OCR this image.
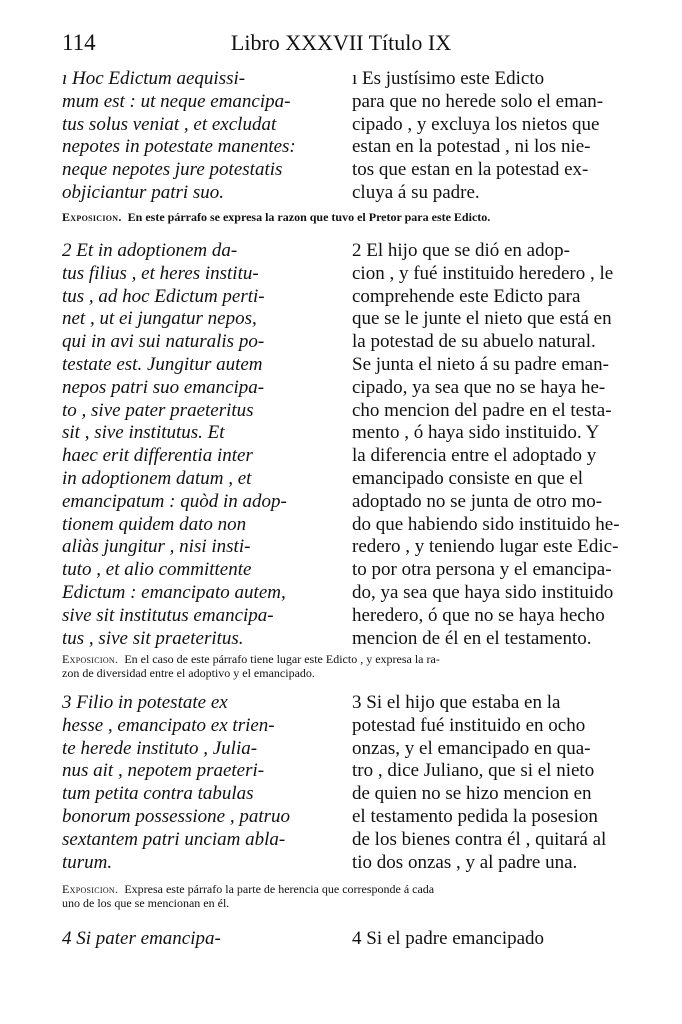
114	Libro XXXVII Título IX
ı Hoc Edictum aequissi-
mum est : ut neque emancipa-
tus solus veniat , et excludat
nepotes in potestate manentes:
neque nepotes jure potestatis
objiciantur patri suo.
ı Es justísimo este Edicto
para que no herede solo el eman-
cipado , y excluya los nietos que
estan en la potestad , ni los nie-
tos que estan en la potestad ex-
cluya á su padre.
Exposicion. En este párrafo se expresa la razon que tuvo el Pretor para este Edicto.
2 Et in adoptionem da-
tus filius , et heres institu-
tus , ad hoc Edictum perti-
net , ut ei jungatur nepos,
qui in avi sui naturalis po-
testate est. Jungitur autem
nepos patri suo emancipa-
to , sive pater praeteritus
sit , sive institutus. Et
haec erit differentia inter
in adoptionem datum , et
emancipatum : quòd in adop-
tionem quidem dato non
aliàs jungitur , nisi insti-
tuto , et alio committente
Edictum : emancipato autem,
sive sit institutus emancipa-
tus , sive sit praeteritus.
2 El hijo que se dió en adop-
cion , y fué instituido heredero , le
comprehende este Edicto para
que se le junte el nieto que está en
la potestad de su abuelo natural.
Se junta el nieto á su padre eman-
cipado, ya sea que no se haya he-
cho mencion del padre en el testa-
mento , ó haya sido instituido. Y
la diferencia entre el adoptado y
emancipado consiste en que el
adoptado no se junta de otro mo-
do que habiendo sido instituido he-
redero , y teniendo lugar este Edic-
to por otra persona y el emancipa-
do, ya sea que haya sido instituido
heredero, ó que no se haya hecho
mencion de él en el testamento.
Exposicion. En el caso de este párrafo tiene lugar este Edicto , y expresa la ra-
zon de diversidad entre el adoptivo y el emancipado.
3 Filio in potestate ex
hesse , emancipato ex trien-
te herede instituto , Julia-
nus ait , nepotem praeteri-
tum petita contra tabulas
bonorum possessione , patruo
sextantem patri unciam abla-
turum.
3 Si el hijo que estaba en la
potestad fué instituido en ocho
onzas, y el emancipado en qua-
tro , dice Juliano, que si el nieto
de quien no se hizo mencion en
el testamento pedida la posesion
de los bienes contra él , quitará al
tio dos onzas , y al padre una.
Exposicion. Expresa este párrafo la parte de herencia que corresponde á cada
uno de los que se mencionan en él.
4 Si pater emancipa-	4 Si el padre emancipado
